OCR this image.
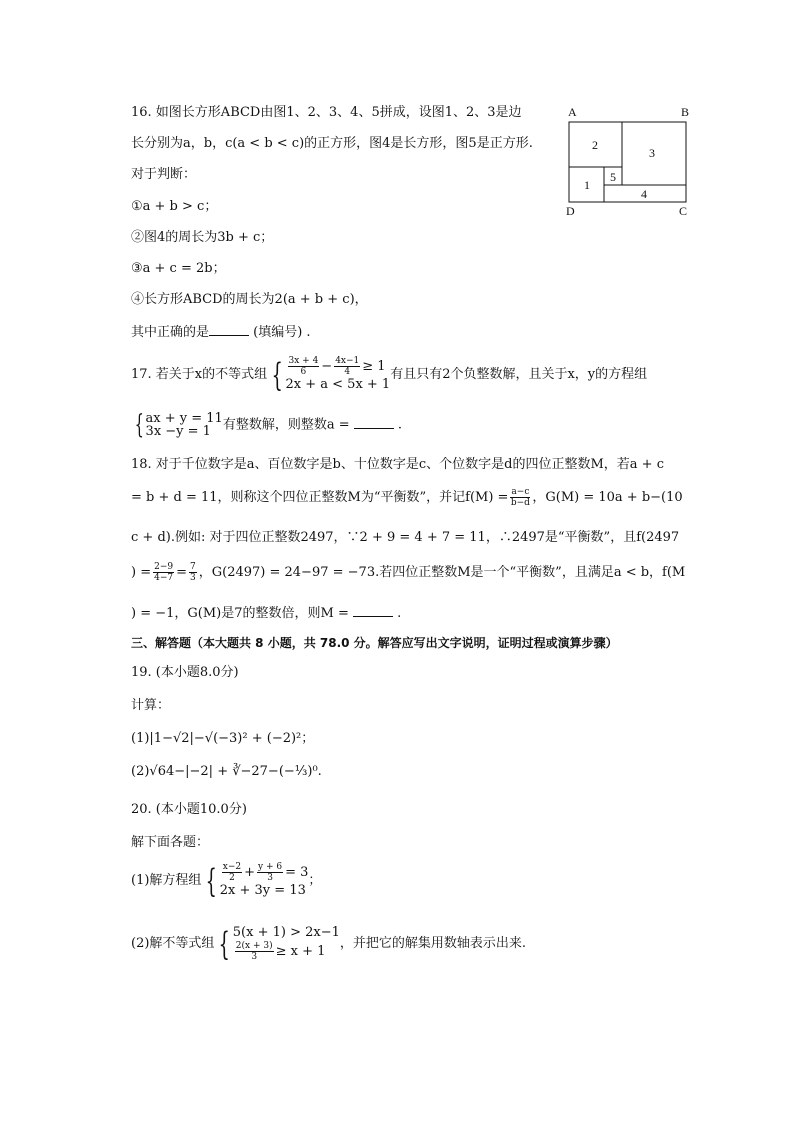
16. 如图长方形ABCD由图1、2、3、4、5拼成，设图1、2、3是边
长分别为a，b，c(a < b < c)的正方形，图4是长方形，图5是正方形.
对于判断：
①a + b > c；
②图4的周长为3b + c；
③a + c = 2b；
④长方形ABCD的周长为2(a + b + c)，
其中正确的是	(填编号) .
A	B
D	C
2
3
1
5
4
17. 若关于x的不等式组 { $\frac{3x + 4}{6} - \frac{4x-1}{4} \ge 1$
2x + a < 5x + 1
有且只有2个负整数解，且关于x，y的方程组
{ ax + y = 11
3x −y = 1 有整数解，则整数a =	.
18. 对于千位数字是a、百位数字是b、十位数字是c、个位数字是d的四位正整数M，若a + c
= b + d = 11，则称这个四位正整数M为“平衡数”，并记$f(M) = \frac{a-c}{b-d}$ ，G(M) = 10a + b−(10
c + d).例如: 对于四位正整数2497，∵2 + 9 = 4 + 7 = 11，∴2497是“平衡数”，且f(2497
) = $\frac{2-9}{4-7} = \frac{7}{3}$ ，G(2497) = 24−97 = −73.若四位正整数M是一个“平衡数”，且满足a < b，f(M
) = −1，G(M)是7的整数倍，则M =	.
三、解答题（本大题共 8 小题，共 78.0 分。解答应写出文字说明，证明过程或演算步骤）
19. (本小题8.0分)
计算：
(1)|1−√2|−√(−3)² + (−2)²；
(2)√64−|−2| + ∛−27−(−⅓)⁰.
20. (本小题10.0分)
解下面各题：
(1)解方程组 { $\frac{x-2}{2} + \frac{y + 6}{3} = 3$
2x + 3y = 13
；
(2)解不等式组 { 5(x + 1) > 2x−1
$\frac{2(x + 3)}{3} \ge x + 1$
，并把它的解集用数轴表示出来.
